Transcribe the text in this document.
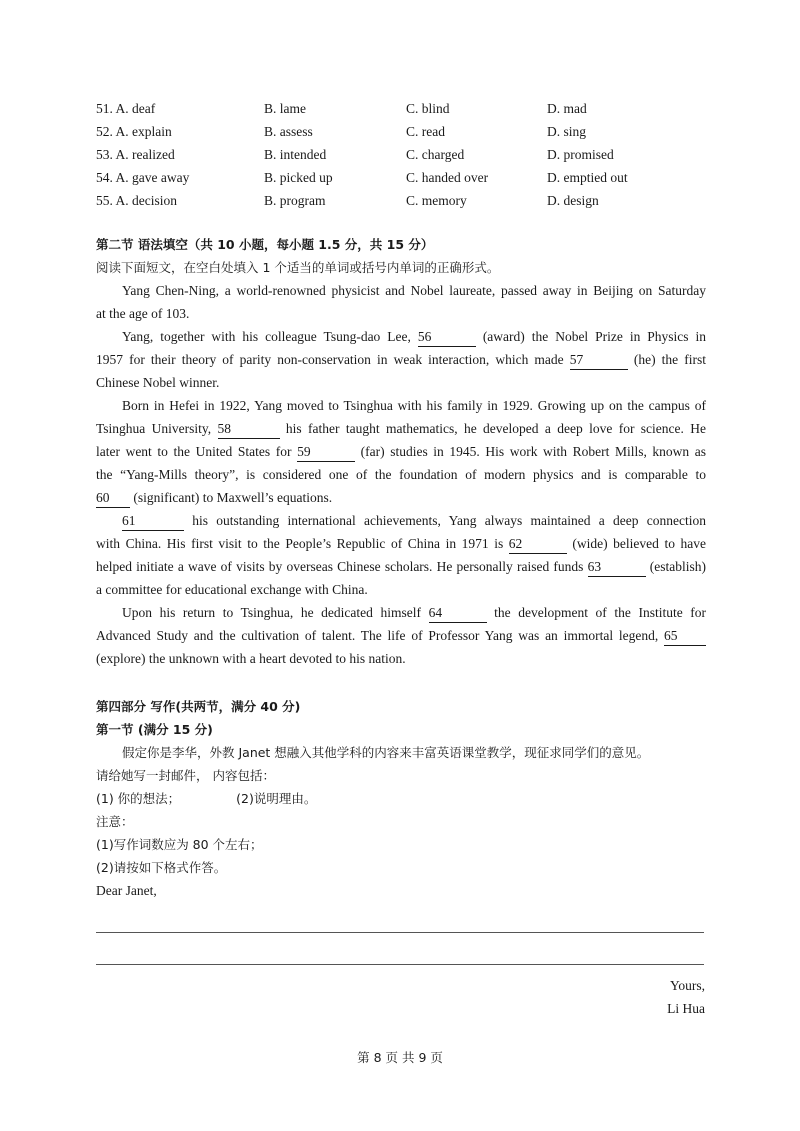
51. A. deaf	B. lame	C. blind	D. mad
52. A. explain	B. assess	C. read	D. sing
53. A. realized	B. intended	C. charged	D. promised
54. A. gave away	B. picked up	C. handed over	D. emptied out
55. A. decision	B. program	C. memory	D. design
第二节 语法填空（共 10 小题，每小题 1.5 分，共 15 分）
阅读下面短文，在空白处填入 1 个适当的单词或括号内单词的正确形式。
Yang Chen-Ning, a world-renowned physicist and Nobel laureate, passed away in Beijing on Saturday
at the age of 103.
Yang, together with his colleague Tsung-dao Lee, 56	(award) the Nobel Prize in Physics in
1957 for their theory of parity non-conservation in weak interaction, which made 57	(he) the first
Chinese Nobel winner.
Born in Hefei in 1922, Yang moved to Tsinghua with his family in 1929. Growing up on the campus of
Tsinghua University, 58	his father taught mathematics, he developed a deep love for science. He
later went to the United States for 59	(far) studies in 1945. His work with Robert Mills, known as
the “Yang-Mills theory”, is considered one of the foundation of modern physics and is comparable to
60 (significant) to Maxwell’s equations.
61	his outstanding international achievements, Yang always maintained a deep connection
with China. His first visit to the People’s Republic of China in 1971 is 62	(wide) believed to have
helped initiate a wave of visits by overseas Chinese scholars. He personally raised funds 63	(establish)
a committee for educational exchange with China.
Upon his return to Tsinghua, he dedicated himself 64	the development of the Institute for
Advanced Study and the cultivation of talent. The life of Professor Yang was an immortal legend, 65
(explore) the unknown with a heart devoted to his nation.
第四部分 写作(共两节，满分 40 分)
第一节 (满分 15 分)
假定你是李华，外教 Janet 想融入其他学科的内容来丰富英语课堂教学，现征求同学们的意见。
请给她写一封邮件， 内容包括：
(1) 你的想法；	(2)说明理由。
注意：
(1)写作词数应为 80 个左右；
(2)请按如下格式作答。
Dear Janet,
Yours,
Li Hua
第 8 页 共 9 页
